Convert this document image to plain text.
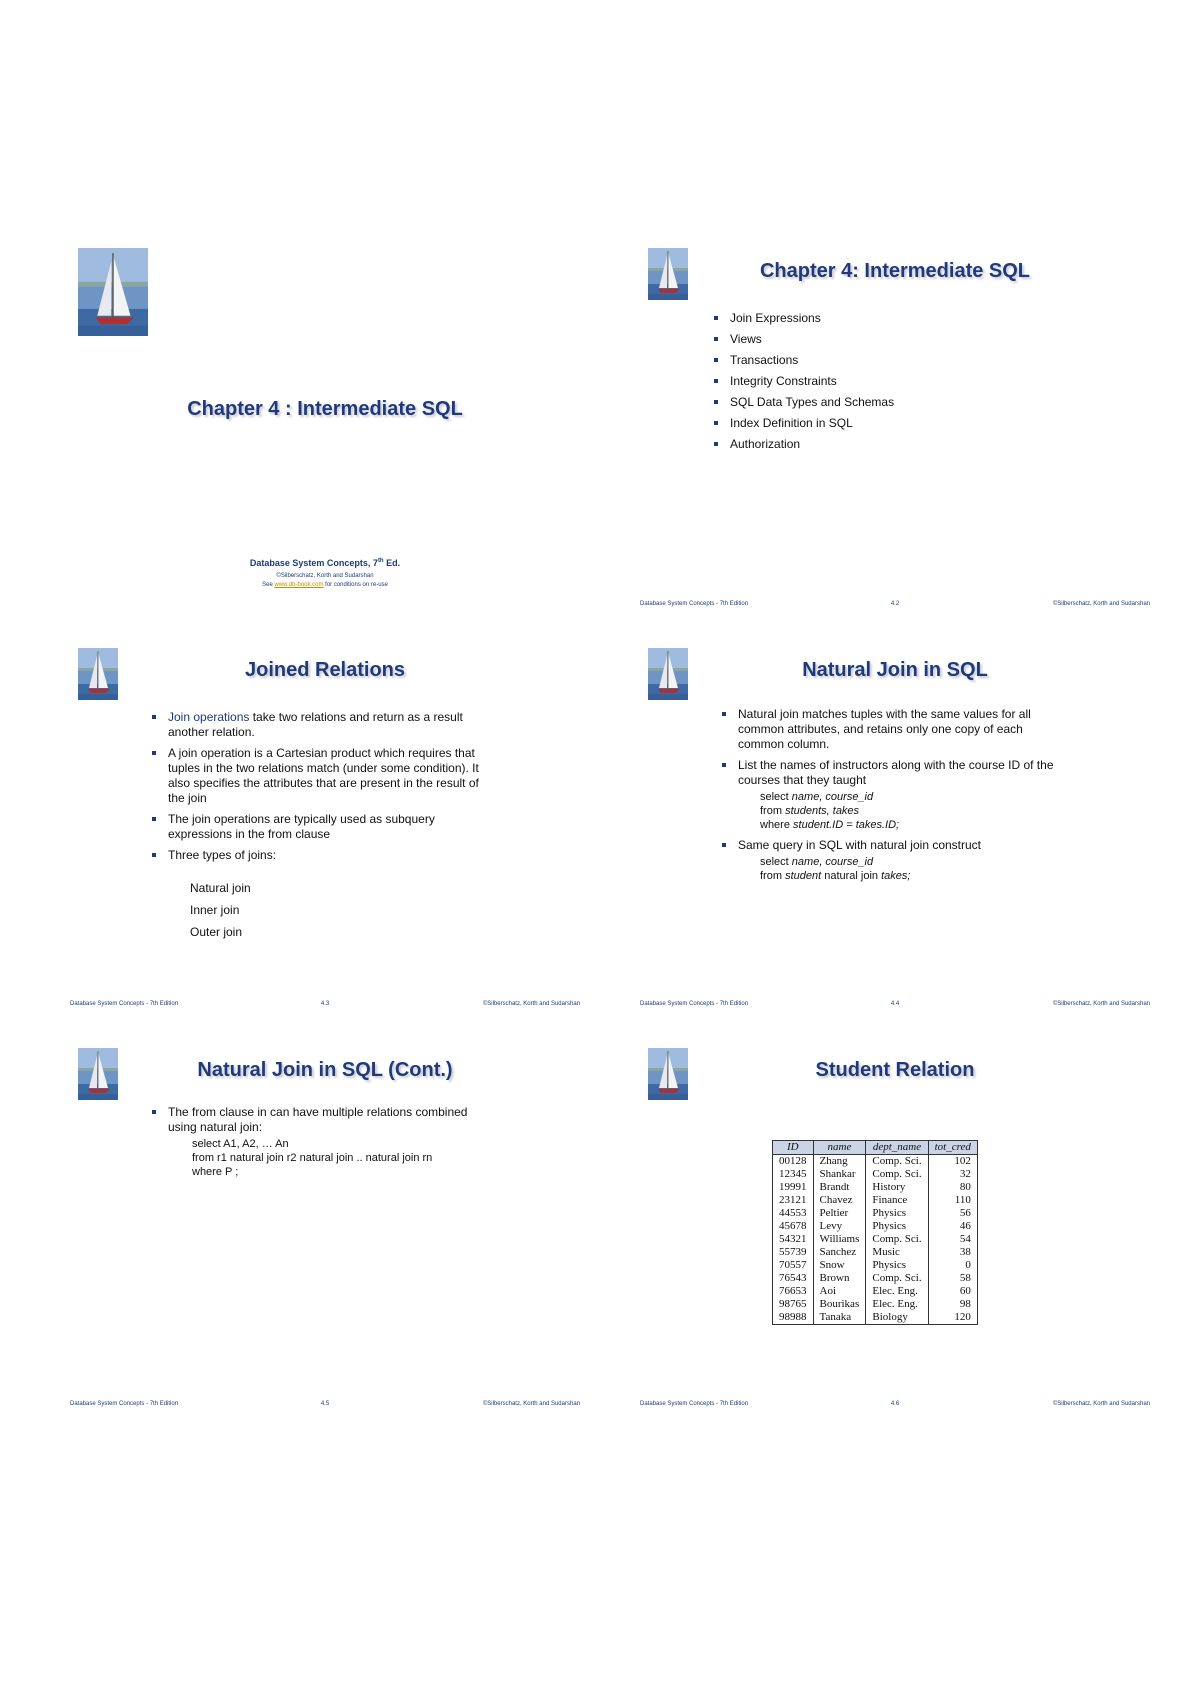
Chapter 4 : Intermediate SQL
Database System Concepts, 7th Ed.
©Silberschatz, Korth and Sudarshan
See www.db-book.com for conditions on re-use
Chapter 4: Intermediate SQL
Join Expressions
Views
Transactions
Integrity Constraints
SQL Data Types and Schemas
Index Definition in SQL
Authorization
Database System Concepts - 7th Edition	4.2	©Silberschatz, Korth and Sudarshan
Joined Relations
Join operations take two relations and return as a result another relation.
A join operation is a Cartesian product which requires that tuples in the two relations match (under some condition). It also specifies the attributes that are present in the result of the join
The join operations are typically used as subquery expressions in the from clause
Three types of joins:
Natural join
Inner join
Outer join
Database System Concepts - 7th Edition	4.3	©Silberschatz, Korth and Sudarshan
Natural Join in SQL
Natural join matches tuples with the same values for all common attributes, and retains only one copy of each common column.
List the names of instructors along with the course ID of the courses that they taught
select name, course_id
from students, takes
where student.ID = takes.ID;
Same query in SQL with natural join construct
select name, course_id
from student natural join takes;
Database System Concepts - 7th Edition	4.4	©Silberschatz, Korth and Sudarshan
Natural Join in SQL (Cont.)
The from clause in can have multiple relations combined using natural join:
select A1, A2, … An
from r1 natural join r2 natural join .. natural join rn
where P ;
Database System Concepts - 7th Edition	4.5	©Silberschatz, Korth and Sudarshan
Student Relation
ID	name	dept_name	tot_cred
00128	Zhang	Comp. Sci.	102
12345	Shankar	Comp. Sci.	32
19991	Brandt	History	80
23121	Chavez	Finance	110
44553	Peltier	Physics	56
45678	Levy	Physics	46
54321	Williams	Comp. Sci.	54
55739	Sanchez	Music	38
70557	Snow	Physics	0
76543	Brown	Comp. Sci.	58
76653	Aoi	Elec. Eng.	60
98765	Bourikas	Elec. Eng.	98
98988	Tanaka	Biology	120
Database System Concepts - 7th Edition	4.6	©Silberschatz, Korth and Sudarshan
